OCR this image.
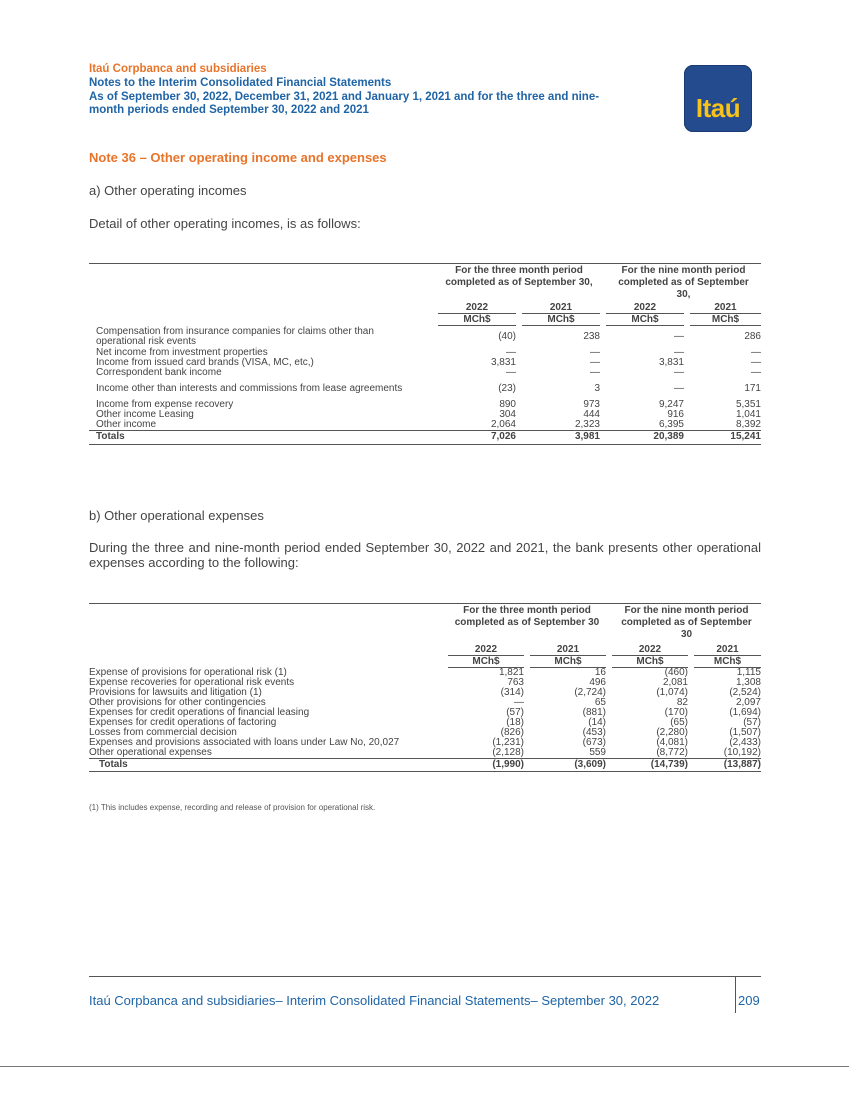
Itaú Corpbanca and subsidiaries
Notes to the Interim Consolidated Financial Statements
As of September 30, 2022, December 31, 2021 and January 1, 2021 and for the three and nine-
month periods ended September 30, 2022 and 2021	Itaú
Note 36 – Other operating income and expenses
a) Other operating incomes
Detail of other operating incomes, is as follows:

		For the three month period completed as of September 30,				For the nine month period completed as of September 30,		
		2022		2021		2022		2021
		MCh$		MCh$		MCh$		MCh$
Compensation from insurance companies for claims other than operational risk events		(40)		238		—		286
Net income from investment properties		—		—		—		—
Income from issued card brands (VISA, MC, etc,)		3,831		—		3,831		—
Correspondent bank income		—		—		—		—
Income other than interests and commissions from lease agreements		(23)		3		—		171
Income from expense recovery		890		973		9,247		5,351
Other income Leasing		304		444		916		1,041
Other income		2,064		2,323		6,395		8,392
Totals		7,026		3,981		20,389		15,241
b) Other operational expenses
During the three and nine-month period ended September 30, 2022 and 2021, the bank presents other operational expenses according to the following:

		For the three month period completed as of September 30				For the nine month period completed as of September 30		
		2022		2021		2022		2021
		MCh$		MCh$		MCh$		MCh$
Expense of provisions for operational risk (1)		1,821		16		(460)		1,115
Expense recoveries for operational risk events		763		496		2,081		1,308
Provisions for lawsuits and litigation (1)		(314)		(2,724)		(1,074)		(2,524)
Other provisions for other contingencies		—		65		82		2,097
Expenses for credit operations of financial leasing		(57)		(881)		(170)		(1,694)
Expenses for credit operations of factoring		(18)		(14)		(65)		(57)
Losses from commercial decision		(826)		(453)		(2,280)		(1,507)
Expenses and provisions associated with loans under Law No, 20,027		(1,231)		(673)		(4,081)		(2,433)
Other operational expenses		(2,128)		559		(8,772)		(10,192)
Totals		(1,990)		(3,609)		(14,739)		(13,887)
(1) This includes expense, recording and release of provision for operational risk.
Itaú Corpbanca and subsidiaries– Interim Consolidated Financial Statements– September 30, 2022	209
